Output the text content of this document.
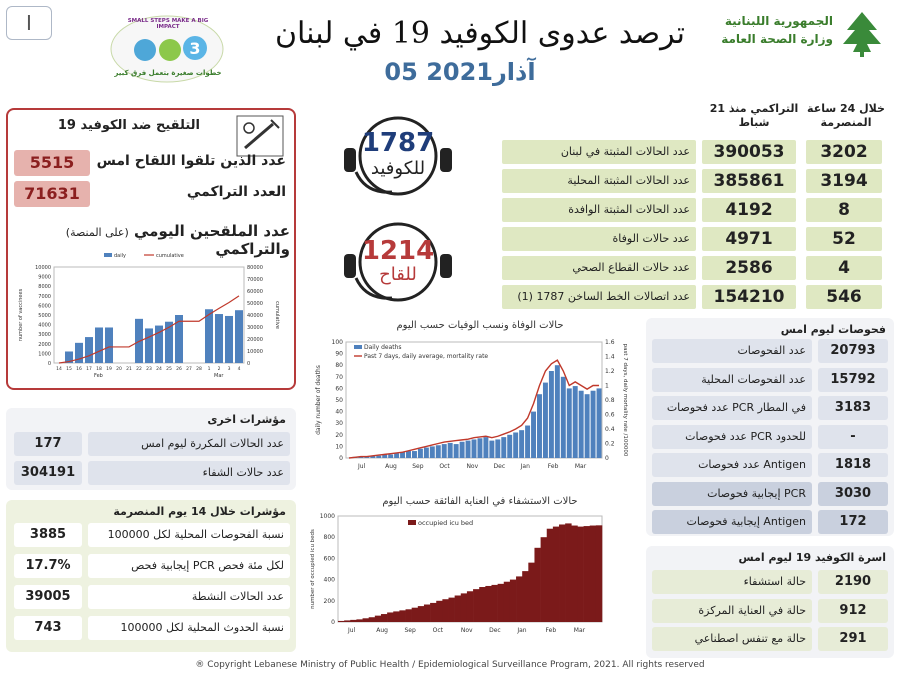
I
3
SMALL STEPS MAKE A BIG IMPACT
خطوات صغيرة بتعمل فرق كبير
ترصد عدوى الكوفيد 19 في لبنان
05 آذار2021
الجمهورية اللبنانية
وزارة الصحة العامة
التلقيح ضد الكوفيد 19
عدد الذين تلقوا اللقاح امس
5515
العدد التراكمي
71631
عدد الملقحين اليومي (على المنصة) والتراكمي
0
1000
2000
3000
4000
5000
6000
7000
8000
9000
10000
0
10000
20000
30000
40000
50000
60000
70000
80000
number of vaccinees	cumulative
14 15 16 17 18 19 20 21 22 23 24 25 26 27 28 1 2 3 4
Feb	Mar
daily	cumulative
1787
للكوفيد
1214
للقاح
خلال 24 ساعة المنصرمة
التراكمي منذ 21 شباط
عدد الحالات المثبتة في لبنان	390053	3202
عدد الحالات المثبتة المحلية	385861	3194
عدد الحالات المثبتة الوافدة	4192	8
عدد حالات الوفاة	4971	52
عدد حالات القطاع الصحي	2586	4
عدد اتصالات الخط الساخن 1787 (1)	154210	546
حالات الوفاة ونسب الوفيات حسب اليوم
0
10
20
30
40
50
60
70
80
90
100
0
0.2
0.4
0.6
0.8
1
1.2
1.4
1.6
daily number of deaths	past 7 days, daily mortality rate /100000
Jul	Aug	Sep	Oct	Nov	Dec	Jan	Feb	Mar
Daily deaths
Past 7 days, daily average, mortality rate
حالات الاستشفاء في العناية الفائقة حسب اليوم
0
200
400
600
800
1000
number of occupied icu beds
Jul	Aug	Sep	Oct	Nov	Dec	Jan	Feb	Mar
occupied icu bed
فحوصات ليوم امس
عدد الفحوصات	20793
عدد الفحوصات المحلية	15792
عدد فحوصات PCR في المطار	3183
عدد فحوصات PCR للحدود	-
عدد فحوصات Antigen	1818
إيجابية فحوصات PCR	3030
إيجابية فحوصات Antigen	172
اسرة الكوفيد 19 ليوم امس
حالة استشفاء	2190
حالة في العناية المركزة	912
حالة مع تنفس اصطناعي	291
مؤشرات اخرى
عدد الحالات المكررة ليوم امس
177
عدد حالات الشفاء
304191
مؤشرات خلال 14 يوم المنصرمة
نسبة الفحوصات المحلية لكل 100000
3885
إيجابية فحص PCR لكل مئة فحص
17.7%
عدد الحالات النشطة
39005
نسبة الحدوث المحلية لكل 100000
743
® Copyright Lebanese Ministry of Public Health / Epidemiological Surveillance Program, 2021. All rights reserved
